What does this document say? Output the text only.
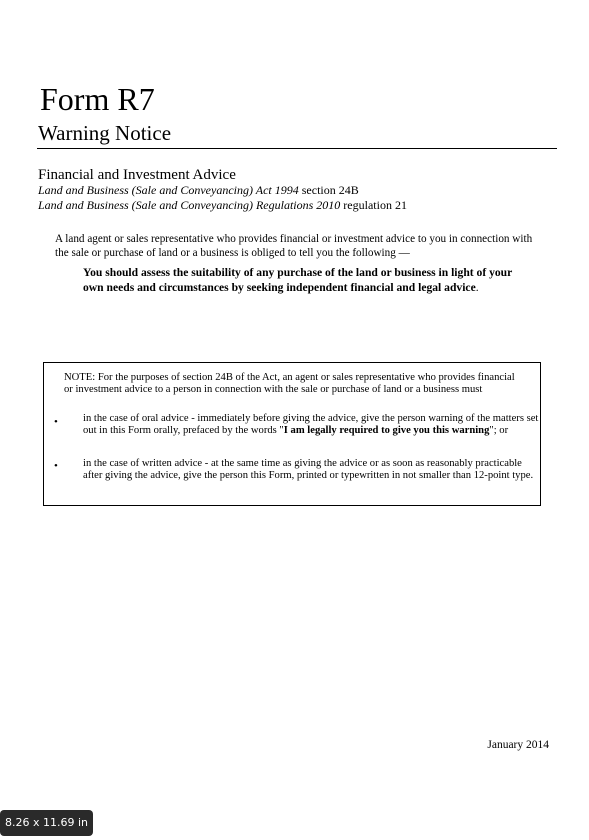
Form R7
Warning Notice
Financial and Investment Advice
Land and Business (Sale and Conveyancing) Act 1994 section 24B
Land and Business (Sale and Conveyancing) Regulations 2010 regulation 21

A land agent or sales representative who provides financial or investment advice to you in connection with the sale or purchase of land or a business is obliged to tell you the following —

You should assess the suitability of any purchase of the land or business in light of your own needs and circumstances by seeking independent financial and legal advice.

NOTE: For the purposes of section 24B of the Act, an agent or sales representative who provides financial or investment advice to a person in connection with the sale or purchase of land or a business must

• in the case of oral advice - immediately before giving the advice, give the person warning of the matters set out in this Form orally, prefaced by the words "I am legally required to give you this warning"; or

• in the case of written advice - at the same time as giving the advice or as soon as reasonably practicable after giving the advice, give the person this Form, printed or typewritten in not smaller than 12-point type.

January 2014
8.26 x 11.69 in
